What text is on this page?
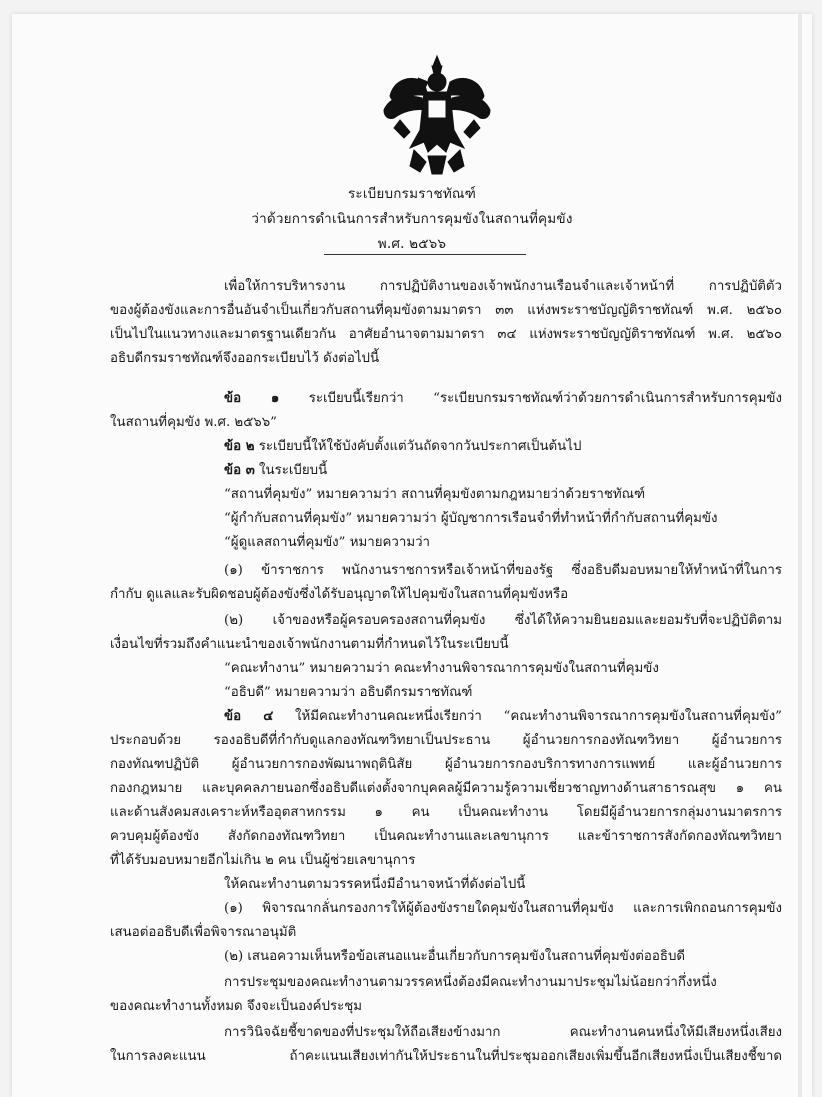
ระเบียบกรมราชทัณฑ์
ว่าด้วยการดำเนินการสำหรับการคุมขังในสถานที่คุมขัง
พ.ศ. ๒๕๖๖
เพื่อให้การบริหารงาน การปฏิบัติงานของเจ้าพนักงานเรือนจำและเจ้าหน้าที่ การปฏิบัติตัว
ของผู้ต้องขังและการอื่นอันจำเป็นเกี่ยวกับสถานที่คุมขังตามมาตรา ๓๓ แห่งพระราชบัญญัติราชทัณฑ์ พ.ศ. ๒๕๖๐
เป็นไปในแนวทางและมาตรฐานเดียวกัน อาศัยอำนาจตามมาตรา ๓๔ แห่งพระราชบัญญัติราชทัณฑ์ พ.ศ. ๒๕๖๐
อธิบดีกรมราชทัณฑ์จึงออกระเบียบไว้ ดังต่อไปนี้
ข้อ ๑ ระเบียบนี้เรียกว่า “ระเบียบกรมราชทัณฑ์ว่าด้วยการดำเนินการสำหรับการคุมขัง
ในสถานที่คุมขัง พ.ศ. ๒๕๖๖”
ข้อ ๒ ระเบียบนี้ให้ใช้บังคับตั้งแต่วันถัดจากวันประกาศเป็นต้นไป
ข้อ ๓ ในระเบียบนี้
“สถานที่คุมขัง” หมายความว่า สถานที่คุมขังตามกฎหมายว่าด้วยราชทัณฑ์
“ผู้กำกับสถานที่คุมขัง” หมายความว่า ผู้บัญชาการเรือนจำที่ทำหน้าที่กำกับสถานที่คุมขัง
“ผู้ดูแลสถานที่คุมขัง” หมายความว่า
(๑) ข้าราชการ พนักงานราชการหรือเจ้าหน้าที่ของรัฐ ซึ่งอธิบดีมอบหมายให้ทำหน้าที่ในการ
กำกับ ดูแลและรับผิดชอบผู้ต้องขังซึ่งได้รับอนุญาตให้ไปคุมขังในสถานที่คุมขังหรือ
(๒) เจ้าของหรือผู้ครอบครองสถานที่คุมขัง ซึ่งได้ให้ความยินยอมและยอมรับที่จะปฏิบัติตาม
เงื่อนไขที่รวมถึงคำแนะนำของเจ้าพนักงานตามที่กำหนดไว้ในระเบียบนี้
“คณะทำงาน” หมายความว่า คณะทำงานพิจารณาการคุมขังในสถานที่คุมขัง
“อธิบดี” หมายความว่า อธิบดีกรมราชทัณฑ์
ข้อ ๔ ให้มีคณะทำงานคณะหนึ่งเรียกว่า “คณะทำงานพิจารณาการคุมขังในสถานที่คุมขัง”
ประกอบด้วย รองอธิบดีที่กำกับดูแลกองทัณฑวิทยาเป็นประธาน ผู้อำนวยการกองทัณฑวิทยา ผู้อำนวยการ
กองทัณฑปฏิบัติ ผู้อำนวยการกองพัฒนาพฤตินิสัย ผู้อำนวยการกองบริการทางการแพทย์ และผู้อำนวยการ
กองกฎหมาย และบุคคลภายนอกซึ่งอธิบดีแต่งตั้งจากบุคคลผู้มีความรู้ความเชี่ยวชาญทางด้านสาธารณสุข ๑ คน
และด้านสังคมสงเคราะห์หรืออุตสาหกรรม ๑ คน เป็นคณะทำงาน โดยมีผู้อำนวยการกลุ่มงานมาตรการ
ควบคุมผู้ต้องขัง สังกัดกองทัณฑวิทยา เป็นคณะทำงานและเลขานุการ และข้าราชการสังกัดกองทัณฑวิทยา
ที่ได้รับมอบหมายอีกไม่เกิน ๒ คน เป็นผู้ช่วยเลขานุการ
ให้คณะทำงานตามวรรคหนึ่งมีอำนาจหน้าที่ดังต่อไปนี้
(๑) พิจารณากลั่นกรองการให้ผู้ต้องขังรายใดคุมขังในสถานที่คุมขัง และการเพิกถอนการคุมขัง
เสนอต่ออธิบดีเพื่อพิจารณาอนุมัติ
(๒) เสนอความเห็นหรือข้อเสนอแนะอื่นเกี่ยวกับการคุมขังในสถานที่คุมขังต่ออธิบดี
การประชุมของคณะทำงานตามวรรคหนึ่งต้องมีคณะทำงานมาประชุมไม่น้อยกว่ากึ่งหนึ่ง
ของคณะทำงานทั้งหมด จึงจะเป็นองค์ประชุม
การวินิจฉัยชี้ขาดของที่ประชุมให้ถือเสียงข้างมาก คณะทำงานคนหนึ่งให้มีเสียงหนึ่งเสียง
ในการลงคะแนน ถ้าคะแนนเสียงเท่ากันให้ประธานในที่ประชุมออกเสียงเพิ่มขึ้นอีกเสียงหนึ่งเป็นเสียงชี้ขาด
